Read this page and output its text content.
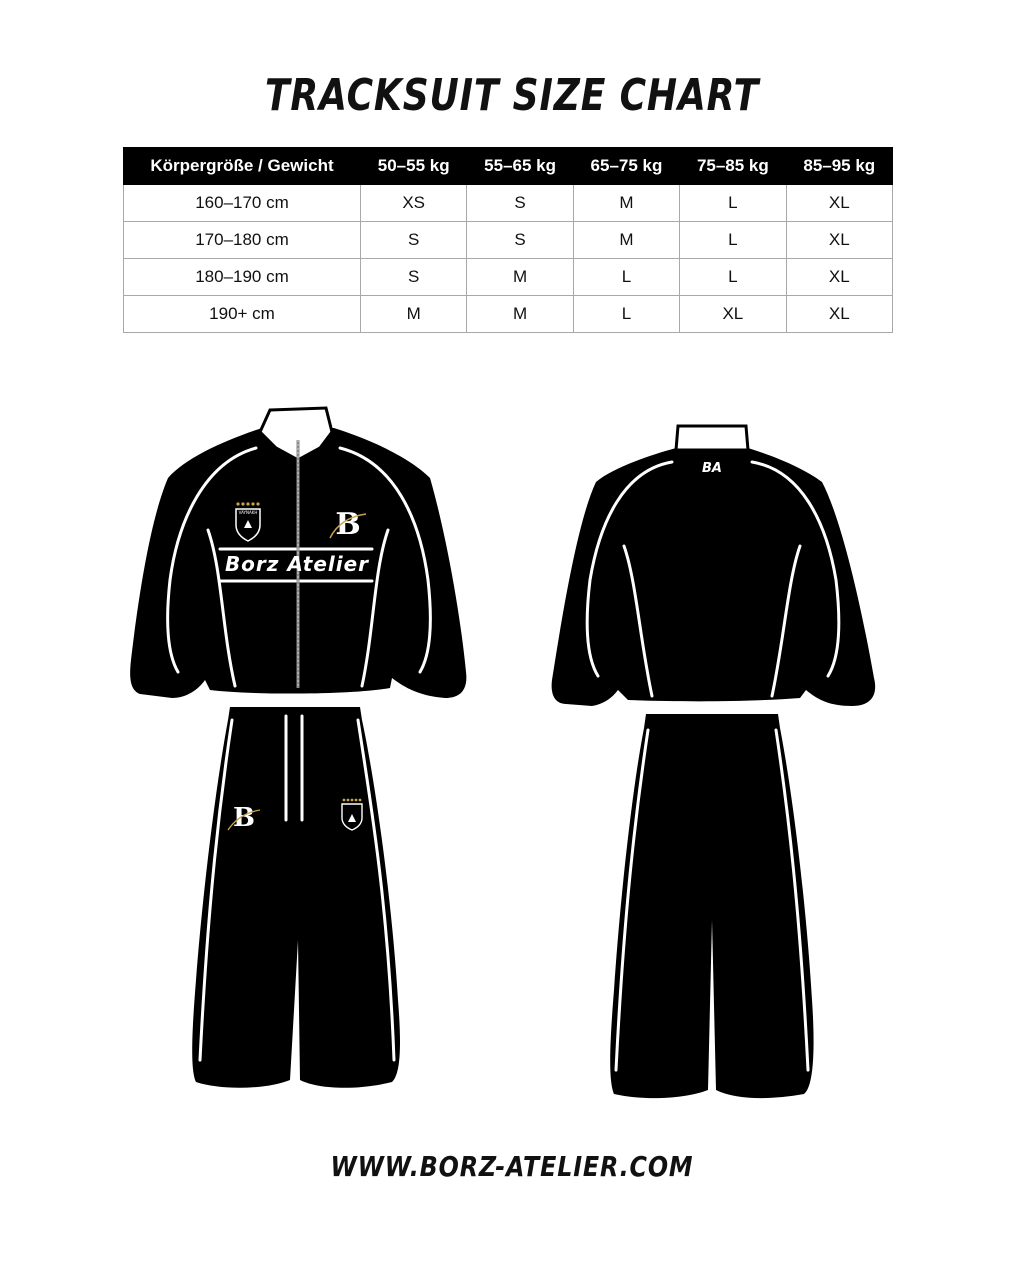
TRACKSUIT SIZE CHART
Körpergröße / Gewicht	50–55 kg	55–65 kg	65–75 kg	75–85 kg	85–95 kg
160–170 cm	XS	S	M	L	XL
170–180 cm	S	S	M	L	XL
180–190 cm	S	M	L	L	XL
190+ cm	M	M	L	XL	XL
VAYNAKH	B
Borz Atelier
B
BA

WWW.BORZ-ATELIER.COM
